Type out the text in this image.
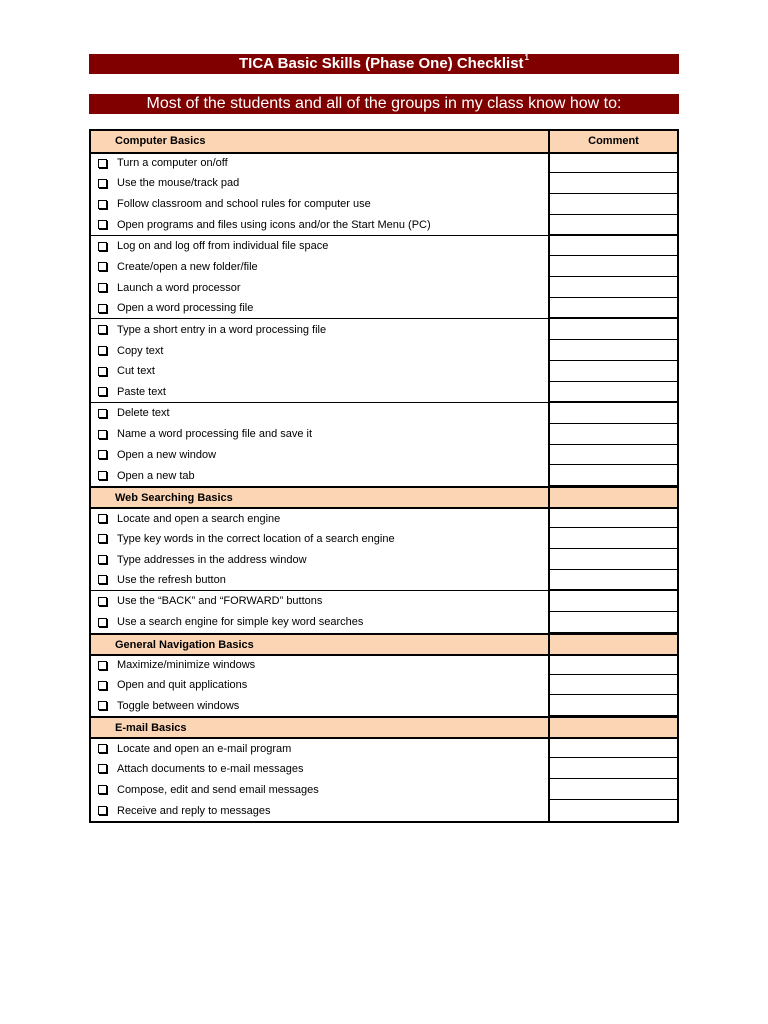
TICA Basic Skills (Phase One) Checklist$^1$
Most of the students and all of the groups in my class know how to:
Computer Basics	Comment
Turn a computer on/off
Use the mouse/track pad
Follow classroom and school rules for computer use
Open programs and files using icons and/or the Start Menu (PC)
Log on and log off from individual file space
Create/open a new folder/file
Launch a word processor
Open a word processing file
Type a short entry in a word processing file
Copy text
Cut text
Paste text
Delete text
Name a word processing file and save it
Open a new window
Open a new tab
Web Searching Basics
Locate and open a search engine
Type key words in the correct location of a search engine
Type addresses in the address window
Use the refresh button
Use the “BACK” and “FORWARD” buttons
Use a search engine for simple key word searches
General Navigation Basics
Maximize/minimize windows
Open and quit applications
Toggle between windows
E-mail Basics
Locate and open an e-mail program
Attach documents to e-mail messages
Compose, edit and send email messages
Receive and reply to messages
